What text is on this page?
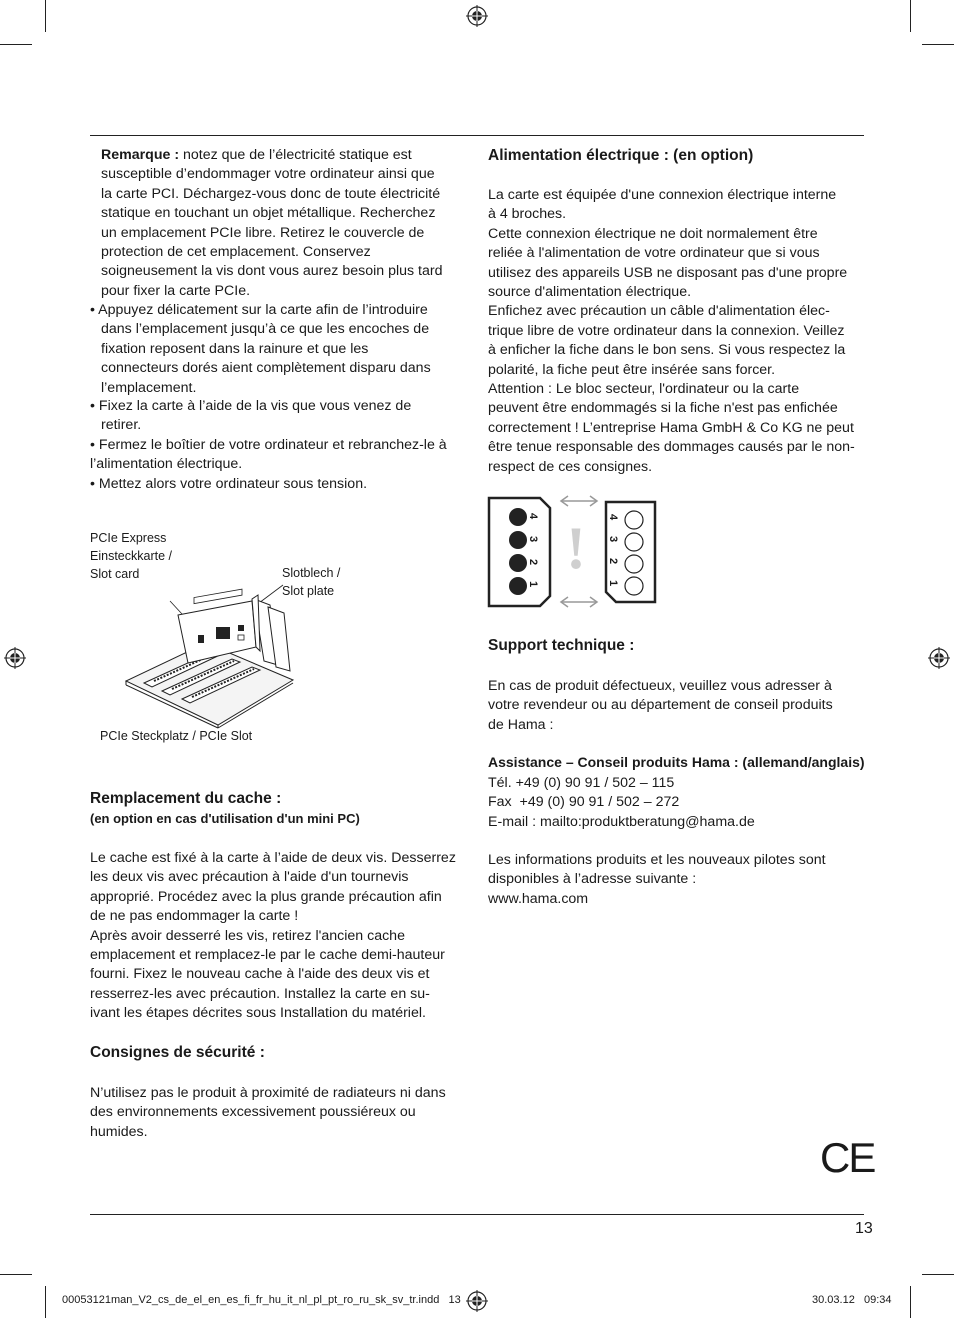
Remarque : notez que de l’électricité statique est
susceptible d’endommager votre ordinateur ainsi que
la carte PCI. Déchargez-vous donc de toute électricité
statique en touchant un objet métallique. Recherchez
un emplacement PCIe libre. Retirez le couvercle de
protection de cet emplacement. Conservez
soigneusement la vis dont vous aurez besoin plus tard
pour fixer la carte PCIe.
• Appuyez délicatement sur la carte afin de l’introduire
dans l’emplacement jusqu’à ce que les encoches de
fixation reposent dans la rainure et que les
connecteurs dorés aient complètement disparu dans
l’emplacement.
• Fixez la carte à l’aide de la vis que vous venez de
retirer.
• Fermez le boîtier de votre ordinateur et rebranchez-le à
l’alimentation électrique.
• Mettez alors votre ordinateur sous tension.
PCIe Express
Einsteckkarte /
Slot card	Slotblech /
Slot plate
PCIe Steckplatz / PCIe Slot
Remplacement du cache :
(en option en cas d'utilisation d'un mini PC)
Le cache est fixé à la carte à l’aide de deux vis. Desserrez
les deux vis avec précaution à l'aide d'un tournevis
approprié. Procédez avec la plus grande précaution afin
de ne pas endommager la carte !
Après avoir desserré les vis, retirez l'ancien cache
emplacement et remplacez-le par le cache demi-hauteur
fourni. Fixez le nouveau cache à l'aide des deux vis et
resserrez-les avec précaution. Installez la carte en su-
ivant les étapes décrites sous Installation du matériel.
Consignes de sécurité :
N’utilisez pas le produit à proximité de radiateurs ni dans
des environnements excessivement poussiéreux ou
humides.
Alimentation électrique : (en option)
La carte est équipée d'une connexion électrique interne
à 4 broches.
Cette connexion électrique ne doit normalement être
reliée à l'alimentation de votre ordinateur que si vous
utilisez des appareils USB ne disposant pas d'une propre
source d'alimentation électrique.
Enfichez avec précaution un câble d'alimentation élec-
trique libre de votre ordinateur dans la connexion. Veillez
à enficher la fiche dans le bon sens. Si vous respectez la
polarité, la fiche peut être insérée sans forcer.
Attention : Le bloc secteur, l'ordinateur ou la carte
peuvent être endommagés si la fiche n'est pas enfichée
correctement ! L’entreprise Hama GmbH & Co KG ne peut
être tenue responsable des dommages causés par le non-
respect de ces consignes.
1
2
3
4
1
2
3
4
!
Support technique :
En cas de produit défectueux, veuillez vous adresser à
votre revendeur ou au département de conseil produits
de Hama :
Assistance – Conseil produits Hama : (allemand/anglais)
Tél. +49 (0) 90 91 / 502 – 115
Fax  +49 (0) 90 91 / 502 – 272
E-mail : mailto:produktberatung@hama.de
Les informations produits et les nouveaux pilotes sont
disponibles à l’adresse suivante :
www.hama.com
CE
13
00053121man_V2_cs_de_el_en_es_fi_fr_hu_it_nl_pl_pt_ro_ru_sk_sv_tr.indd   13	30.03.12   09:34
